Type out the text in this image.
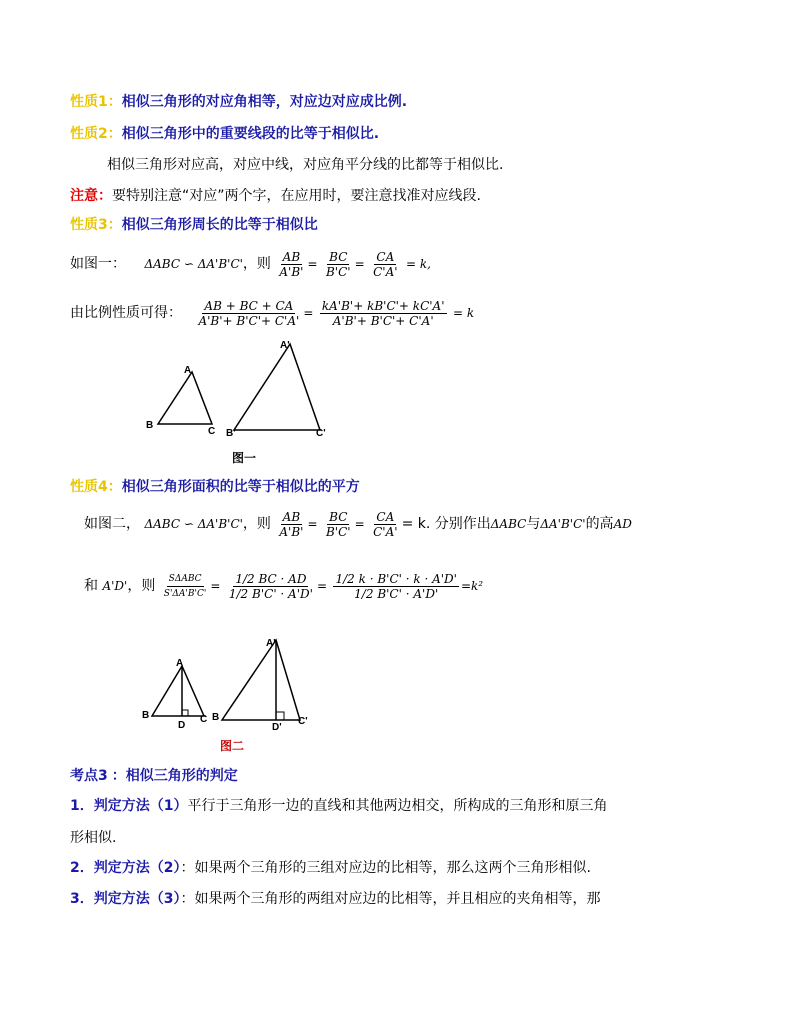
性质1：相似三角形的对应角相等，对应边对应成比例.
性质2：相似三角形中的重要线段的比等于相似比.
相似三角形对应高，对应中线，对应角平分线的比都等于相似比.
注意：要特别注意“对应”两个字，在应用时，要注意找准对应线段.
性质3：相似三角形周长的比等于相似比
如图一： ΔABC ∽ ΔA'B'C'，则 $\frac{AB}{A'B'} = \frac{BC}{B'C'} = \frac{CA}{C'A'} = k$,
由比例性质可得： $\frac{AB + BC + CA}{A'B'+ B'C'+ C'A'} = \frac{kA'B'+ kB'C'+ kC'A'}{A'B'+ B'C'+ C'A'} = k$
A
B
C
A'
B'	C'
图一
性质4：相似三角形面积的比等于相似比的平方
如图二， ΔABC ∽ ΔA'B'C'，则 $\frac{AB}{A'B'} = \frac{BC}{B'C'} = \frac{CA}{C'A'} = k$. 分别作出ΔABC与ΔA'B'C'的高AD
和 A'D'，则 $\frac{\text{SΔABC}}{S'\Delta A'B'C'} = \frac{1/2 BC \cdot AD}{1/2 B'C' \cdot A'D'} = \frac{1/2 k \cdot B'C' \cdot k \cdot A'D'}{1/2 B'C' \cdot A'D'} =k^2$
A
B
D
C
A'
B
D'
C'
图二
考点3 ：相似三角形的判定
1．判定方法（1）平行于三角形一边的直线和其他两边相交，所构成的三角形和原三角
形相似.
2．判定方法（2）：如果两个三角形的三组对应边的比相等，那么这两个三角形相似.
3．判定方法（3）：如果两个三角形的两组对应边的比相等，并且相应的夹角相等，那
